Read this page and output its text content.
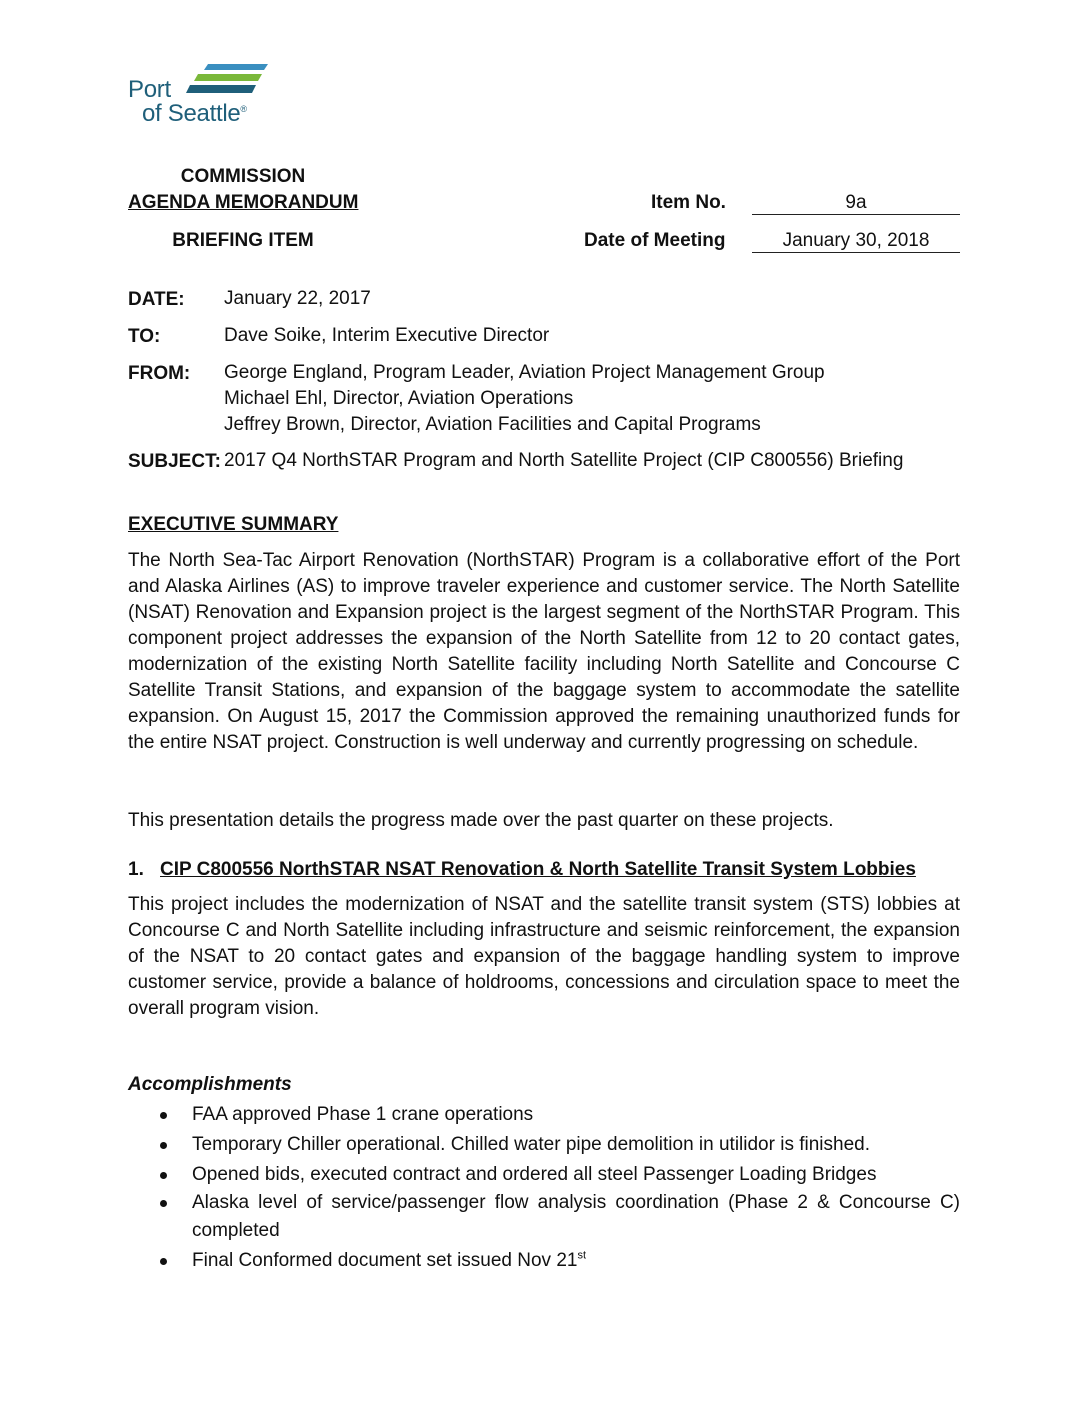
Port
of Seattle®
COMMISSION
AGENDA MEMORANDUM
BRIEFING ITEM
Item No.	9a
Date of Meeting	January 30, 2018
DATE: January 22, 2017
TO:	Dave Soike, Interim Executive Director
FROM: George England, Program Leader, Aviation Project Management Group
Michael Ehl, Director, Aviation Operations
Jeffrey Brown, Director, Aviation Facilities and Capital Programs
SUBJECT: 2017 Q4 NorthSTAR Program and North Satellite Project (CIP C800556) Briefing
EXECUTIVE SUMMARY
The North Sea-Tac Airport Renovation (NorthSTAR) Program is a collaborative effort of the Port and Alaska Airlines (AS) to improve traveler experience and customer service. The North Satellite (NSAT) Renovation and Expansion project is the largest segment of the NorthSTAR Program. This component project addresses the expansion of the North Satellite from 12 to 20 contact gates, modernization of the existing North Satellite facility including North Satellite and Concourse C Satellite Transit Stations, and expansion of the baggage system to accommodate the satellite expansion. On August 15, 2017 the Commission approved the remaining unauthorized funds for the entire NSAT project. Construction is well underway and currently progressing on schedule.
This presentation details the progress made over the past quarter on these projects.
1. CIP C800556 NorthSTAR NSAT Renovation & North Satellite Transit System Lobbies
This project includes the modernization of NSAT and the satellite transit system (STS) lobbies at Concourse C and North Satellite including infrastructure and seismic reinforcement, the expansion of the NSAT to 20 contact gates and expansion of the baggage handling system to improve customer service, provide a balance of holdrooms, concessions and circulation space to meet the overall program vision.
Accomplishments
FAA approved Phase 1 crane operations
Temporary Chiller operational. Chilled water pipe demolition in utilidor is finished.
Opened bids, executed contract and ordered all steel Passenger Loading Bridges
Alaska level of service/passenger flow analysis coordination (Phase 2 & Concourse C) completed
Final Conformed document set issued Nov 21st
